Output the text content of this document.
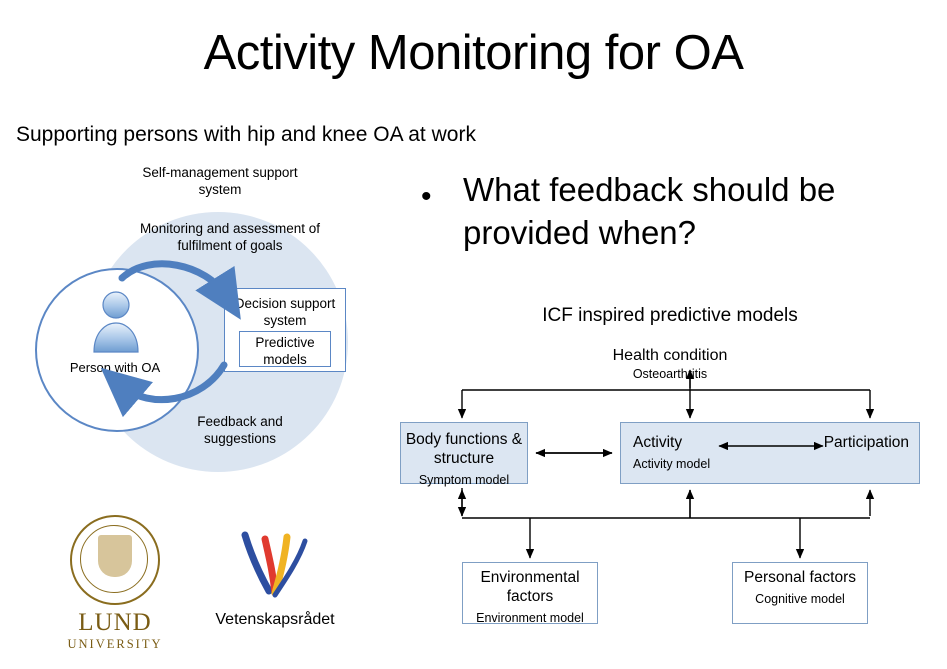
Activity Monitoring for OA
Supporting persons with hip and knee OA at work
• What feedback should be provided when?
Self-management support system
Monitoring and assessment of fulfilment of goals
Feedback and suggestions
Person with OA
Decision support system
Predictive models
ICF inspired predictive models
Health condition
Osteoarthritis
Body functions & structure
Symptom model
Activity	Participation
Activity model
Environmental factors
Environment model
Personal factors
Cognitive model
LUND
UNIVERSITY
Vetenskapsrådet
